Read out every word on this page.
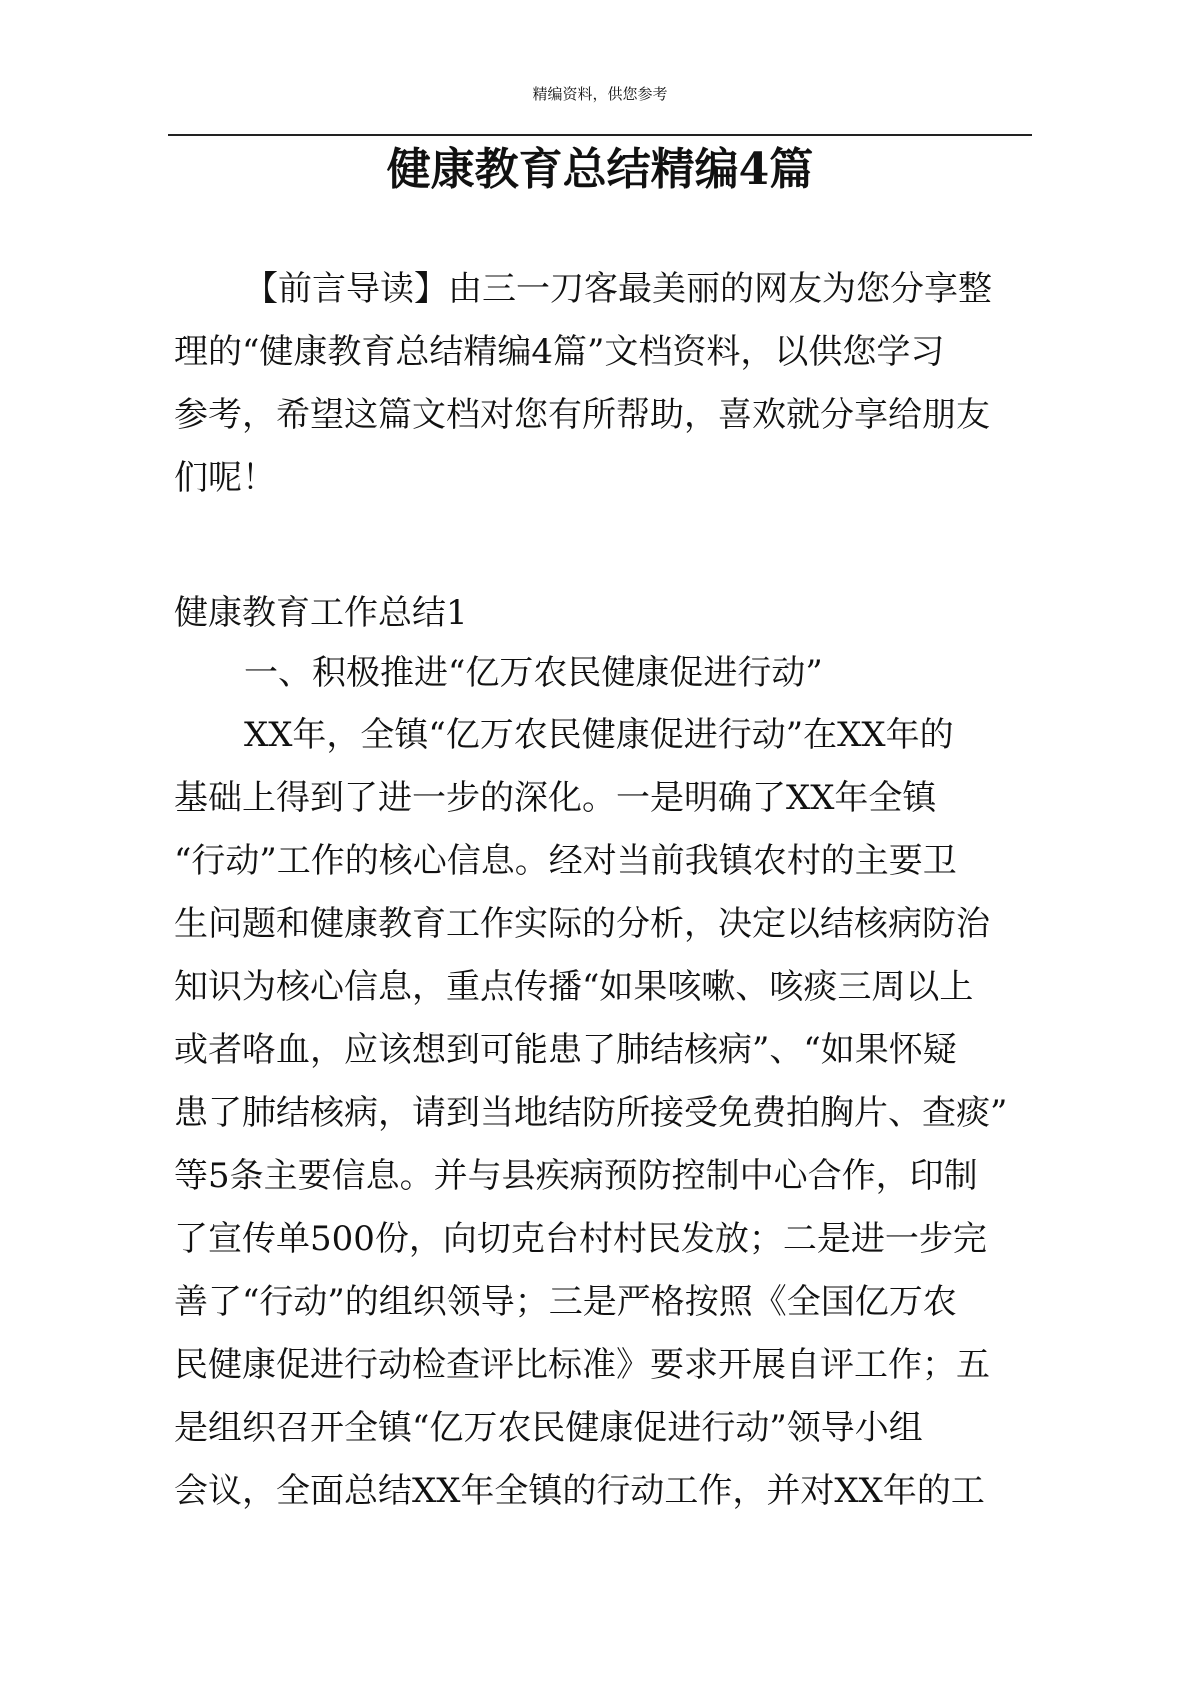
精编资料，供您参考
健康教育总结精编4篇

【前言导读】由三一刀客最美丽的网友为您分享整

理的“健康教育总结精编4篇”文档资料，以供您学习

参考，希望这篇文档对您有所帮助，喜欢就分享给朋友

们呢！

健康教育工作总结1

一、积极推进“亿万农民健康促进行动”

XX年，全镇“亿万农民健康促进行动”在XX年的

基础上得到了进一步的深化。一是明确了XX年全镇

“行动”工作的核心信息。经对当前我镇农村的主要卫

生问题和健康教育工作实际的分析，决定以结核病防治

知识为核心信息，重点传播“如果咳嗽、咳痰三周以上

或者咯血，应该想到可能患了肺结核病”、“如果怀疑

患了肺结核病，请到当地结防所接受免费拍胸片、查痰”

等5条主要信息。并与县疾病预防控制中心合作，印制

了宣传单500份，向切克台村村民发放；二是进一步完

善了“行动”的组织领导；三是严格按照《全国亿万农

民健康促进行动检查评比标准》要求开展自评工作；五

是组织召开全镇“亿万农民健康促进行动”领导小组

会议，全面总结XX年全镇的行动工作，并对XX年的工
